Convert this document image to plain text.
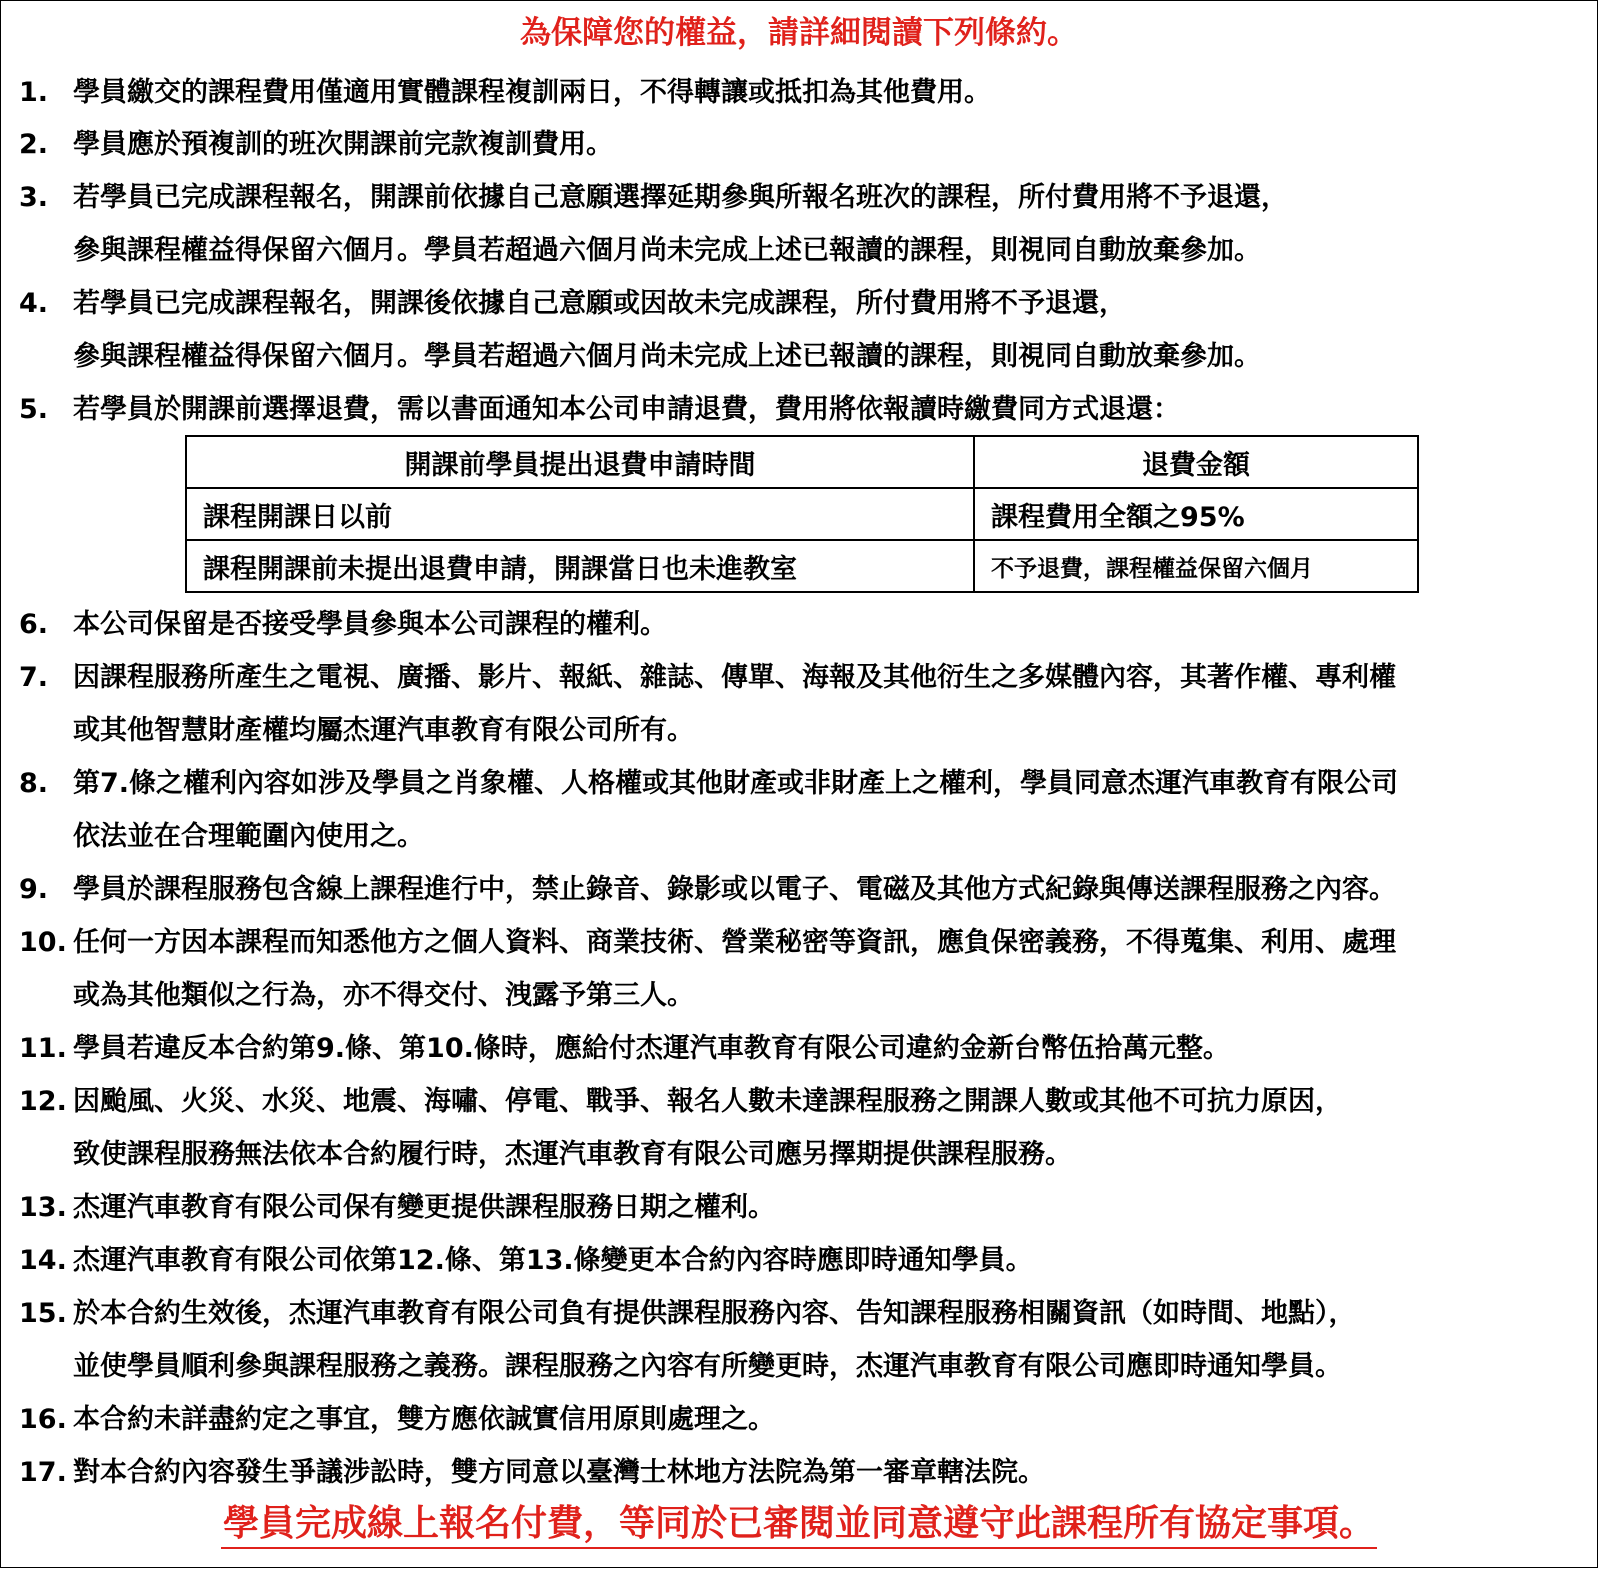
為保障您的權益，請詳細閱讀下列條約。
1. 學員繳交的課程費用僅適用實體課程複訓兩日，不得轉讓或抵扣為其他費用。
2. 學員應於預複訓的班次開課前完款複訓費用。
3. 若學員已完成課程報名，開課前依據自己意願選擇延期參與所報名班次的課程，所付費用將不予退還，
參與課程權益得保留六個月。學員若超過六個月尚未完成上述已報讀的課程，則視同自動放棄參加。
4. 若學員已完成課程報名，開課後依據自己意願或因故未完成課程，所付費用將不予退還，
參與課程權益得保留六個月。學員若超過六個月尚未完成上述已報讀的課程，則視同自動放棄參加。
5. 若學員於開課前選擇退費，需以書面通知本公司申請退費，費用將依報讀時繳費同方式退還：
開課前學員提出退費申請時間	退費金額
課程開課日以前	課程費用全額之95%
課程開課前未提出退費申請，開課當日也未進教室	不予退費，課程權益保留六個月
6. 本公司保留是否接受學員參與本公司課程的權利。
7. 因課程服務所產生之電視、廣播、影片、報紙、雜誌、傳單、海報及其他衍生之多媒體內容，其著作權、專利權
或其他智慧財產權均屬杰運汽車教育有限公司所有。
8. 第7.條之權利內容如涉及學員之肖象權、人格權或其他財產或非財產上之權利，學員同意杰運汽車教育有限公司
依法並在合理範圍內使用之。
9. 學員於課程服務包含線上課程進行中，禁止錄音、錄影或以電子、電磁及其他方式紀錄與傳送課程服務之內容。
10. 任何一方因本課程而知悉他方之個人資料、商業技術、營業秘密等資訊，應負保密義務，不得蒐集、利用、處理
或為其他類似之行為，亦不得交付、洩露予第三人。
11. 學員若違反本合約第9.條、第10.條時，應給付杰運汽車教育有限公司違約金新台幣伍拾萬元整。
12. 因颱風、火災、水災、地震、海嘯、停電、戰爭、報名人數未達課程服務之開課人數或其他不可抗力原因，
致使課程服務無法依本合約履行時，杰運汽車教育有限公司應另擇期提供課程服務。
13. 杰運汽車教育有限公司保有變更提供課程服務日期之權利。
14. 杰運汽車教育有限公司依第12.條、第13.條變更本合約內容時應即時通知學員。
15. 於本合約生效後，杰運汽車教育有限公司負有提供課程服務內容、告知課程服務相關資訊（如時間、地點），
並使學員順利參與課程服務之義務。課程服務之內容有所變更時，杰運汽車教育有限公司應即時通知學員。
16. 本合約未詳盡約定之事宜，雙方應依誠實信用原則處理之。
17. 對本合約內容發生爭議涉訟時，雙方同意以臺灣士林地方法院為第一審章轄法院。
學員完成線上報名付費，等同於已審閱並同意遵守此課程所有協定事項。
